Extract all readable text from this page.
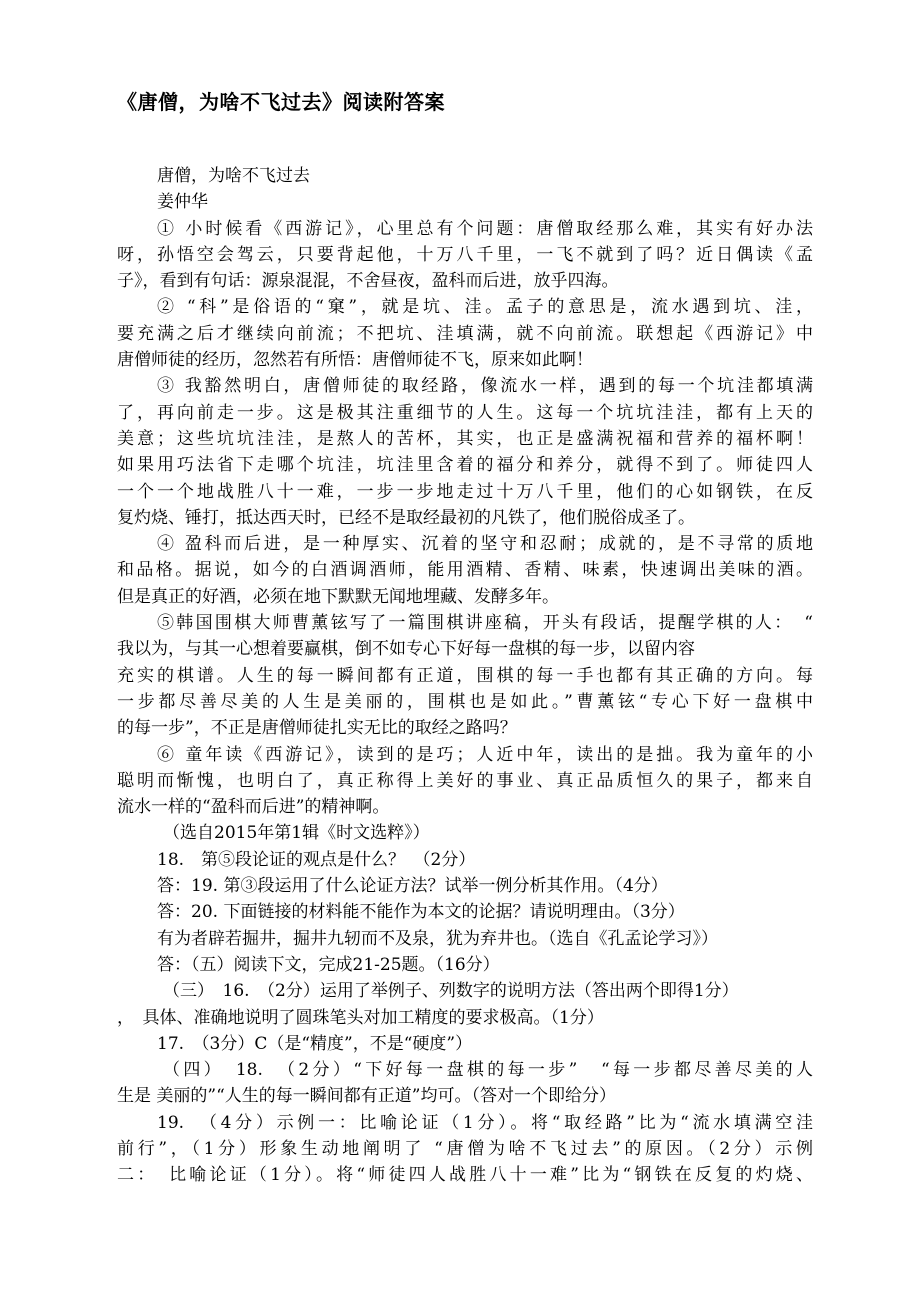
《唐僧，为啥不飞过去》阅读附答案
唐僧，为啥不飞过去
姜仲华
① 小时候看《西游记》，心里总有个问题：唐僧取经那么难，其实有好办法
呀，孙悟空会驾云，只要背起他，十万八千里，一飞不就到了吗？近日偶读《孟
子》，看到有句话：源泉混混，不舍昼夜，盈科而后进，放乎四海。
② “科”是俗语的“窠”，就是坑、洼。孟子的意思是，流水遇到坑、洼，
要充满之后才继续向前流；不把坑、洼填满，就不向前流。联想起《西游记》中
唐僧师徒的经历，忽然若有所悟：唐僧师徒不飞，原来如此啊！
③ 我豁然明白，唐僧师徒的取经路，像流水一样，遇到的每一个坑洼都填满
了，再向前走一步。这是极其注重细节的人生。这每一个坑坑洼洼，都有上天的
美意；这些坑坑洼洼，是熬人的苦杯，其实，也正是盛满祝福和营养的福杯啊！
如果用巧法省下走哪个坑洼，坑洼里含着的福分和养分，就得不到了。师徒四人
一个一个地战胜八十一难，一步一步地走过十万八千里，他们的心如钢铁，在反
复灼烧、锤打，抵达西天时，已经不是取经最初的凡铁了，他们脱俗成圣了。
④ 盈科而后进，是一种厚实、沉着的坚守和忍耐；成就的，是不寻常的质地
和品格。据说，如今的白酒调酒师，能用酒精、香精、味素，快速调出美味的酒。
但是真正的好酒，必须在地下默默无闻地埋藏、发酵多年。
⑤韩国围棋大师曹薰铉写了一篇围棋讲座稿，开头有段话，提醒学棋的人：　“
我以为，与其一心想着要赢棋，倒不如专心下好每一盘棋的每一步，以留内容
充实的棋谱。人生的每一瞬间都有正道，围棋的每一手也都有其正确的方向。每
一步都尽善尽美的人生是美丽的，围棋也是如此。”曹薰铉“专心下好一盘棋中
的每一步”，不正是唐僧师徒扎实无比的取经之路吗？
⑥ 童年读《西游记》，读到的是巧；人近中年，读出的是拙。我为童年的小
聪明而惭愧，也明白了，真正称得上美好的事业、真正品质恒久的果子，都来自
流水一样的“盈科而后进”的精神啊。
（选自2015年第1辑《时文选粹》）
18.　第⑤段论证的观点是什么？　（2分）
答：19. 第③段运用了什么论证方法？试举一例分析其作用。（4分）
答：20. 下面链接的材料能不能作为本文的论据？请说明理由。（3分）
有为者辟若掘井，掘井九轫而不及泉，犹为弃井也。（选自《孔孟论学习》）
答：（五）阅读下文，完成21-25题。（16分）
（三）　16.　（2分）运用了举例子、列数字的说明方法（答出两个即得1分）
，　具体、准确地说明了圆珠笔头对加工精度的要求极高。（1分）
17.　（3分）C（是“精度”，不是“硬度”）
（四）　18.　（2分）“下好每一盘棋的每一步”　“每一步都尽善尽美的人
生是 美丽的”“人生的每一瞬间都有正道”均可。（答对一个即给分）
19.　（4分）示例一：比喻论证（1分）。将“取经路”比为“流水填满空洼
前行”，（1分）形象生动地阐明了 “唐僧为啥不飞过去”的原因。（2分）示例
二：　比喻论证（1分）。将“师徒四人战胜八十一难”比为“钢铁在反复的灼烧、
